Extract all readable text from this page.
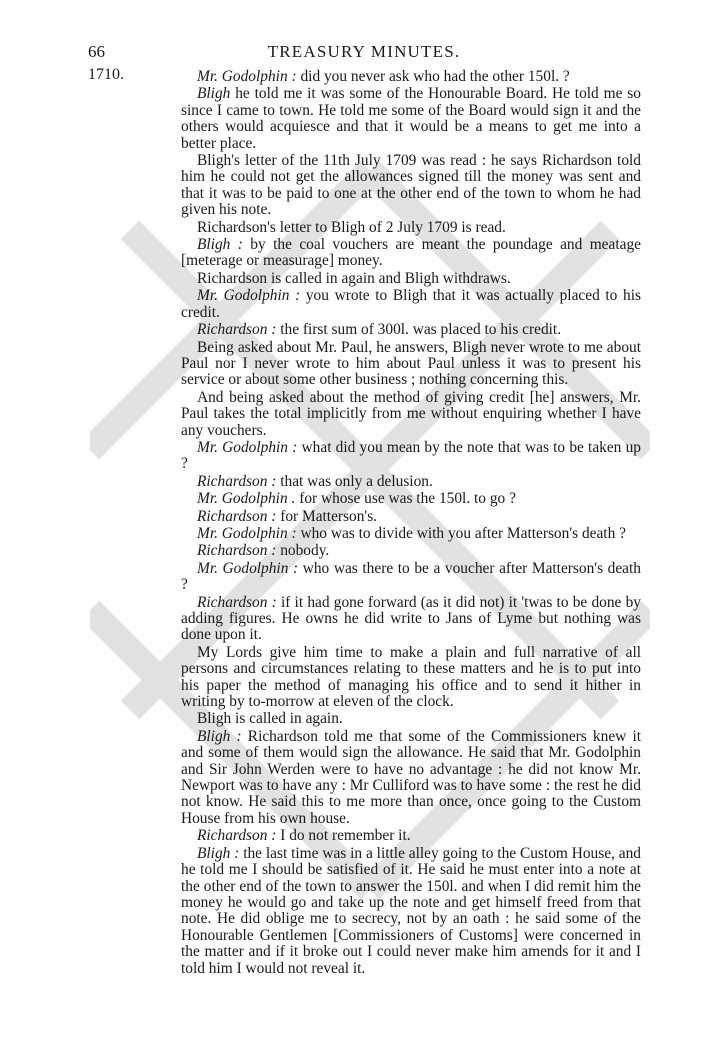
66	TREASURY MINUTES.
1710.	Mr. Godolphin : did you never ask who had the other 150l. ?

Bligh he told me it was some of the Honourable Board. He told me so since I came to town. He told me some of the Board would sign it and the others would acquiesce and that it would be a means to get me into a better place.

Bligh's letter of the 11th July 1709 was read : he says Richardson told him he could not get the allowances signed till the money was sent and that it was to be paid to one at the other end of the town to whom he had given his note.

Richardson's letter to Bligh of 2 July 1709 is read.

Bligh : by the coal vouchers are meant the poundage and meatage [meterage or measurage] money.

Richardson is called in again and Bligh withdraws.

Mr. Godolphin : you wrote to Bligh that it was actually placed to his credit.

Richardson : the first sum of 300l. was placed to his credit.

Being asked about Mr. Paul, he answers, Bligh never wrote to me about Paul nor I never wrote to him about Paul unless it was to present his service or about some other business ; nothing concerning this.

And being asked about the method of giving credit [he] answers, Mr. Paul takes the total implicitly from me without enquiring whether I have any vouchers.

Mr. Godolphin : what did you mean by the note that was to be taken up ?

Richardson : that was only a delusion.

Mr. Godolphin . for whose use was the 150l. to go ?

Richardson : for Matterson's.

Mr. Godolphin : who was to divide with you after Matterson's death ?

Richardson : nobody.

Mr. Godolphin : who was there to be a voucher after Matterson's death ?

Richardson : if it had gone forward (as it did not) it 'twas to be done by adding figures. He owns he did write to Jans of Lyme but nothing was done upon it.

My Lords give him time to make a plain and full narrative of all persons and circumstances relating to these matters and he is to put into his paper the method of managing his office and to send it hither in writing by to-morrow at eleven of the clock.

Bligh is called in again.

Bligh : Richardson told me that some of the Commissioners knew it and some of them would sign the allowance. He said that Mr. Godolphin and Sir John Werden were to have no advantage : he did not know Mr. Newport was to have any : Mr Culliford was to have some : the rest he did not know. He said this to me more than once, once going to the Custom House from his own house.

Richardson : I do not remember it.

Bligh : the last time was in a little alley going to the Custom House, and he told me I should be satisfied of it. He said he must enter into a note at the other end of the town to answer the 150l. and when I did remit him the money he would go and take up the note and get himself freed from that note. He did oblige me to secrecy, not by an oath : he said some of the Honourable Gentlemen [Commissioners of Customs] were concerned in the matter and if it broke out I could never make him amends for it and I told him I would not reveal it.
